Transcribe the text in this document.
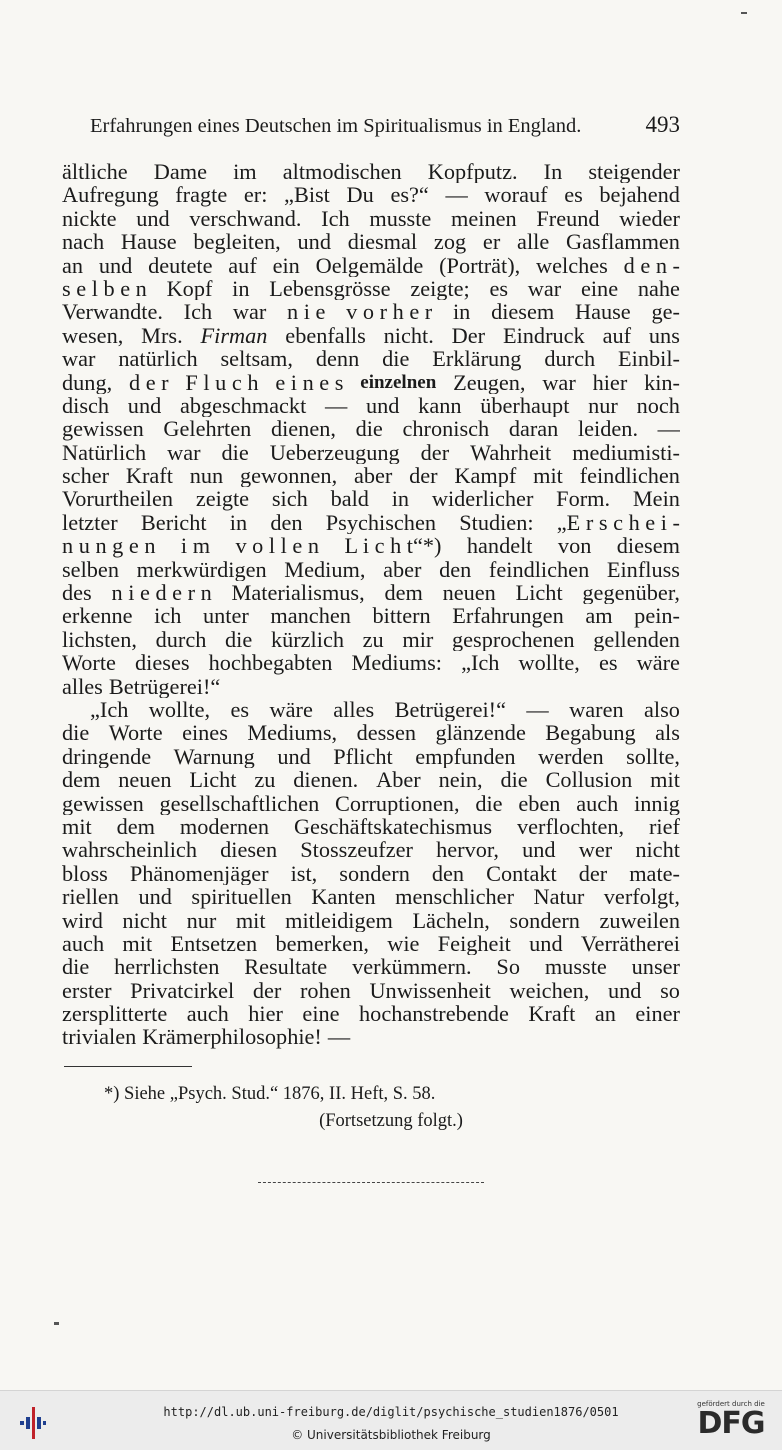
Erfahrungen eines Deutschen im Spiritualismus in England.	493
ältliche Dame im altmodischen Kopfputz. In steigender
Aufregung fragte er: „Bist Du es?“ — worauf es bejahend
nickte und verschwand. Ich musste meinen Freund wieder
nach Hause begleiten, und diesmal zog er alle Gasflammen
an und deutete auf ein Oelgemälde (Porträt), welches d e n -
s e l b e n Kopf in Lebensgrösse zeigte; es war eine nahe
Verwandte. Ich war n i e v o r h e r in diesem Hause ge-
wesen, Mrs. Firman ebenfalls nicht. Der Eindruck auf uns
war natürlich seltsam, denn die Erklärung durch Einbil-
dung, d e r F l u c h e i n e s einzelnen Zeugen, war hier kin-
disch und abgeschmackt — und kann überhaupt nur noch
gewissen Gelehrten dienen, die chronisch daran leiden. —
Natürlich war die Ueberzeugung der Wahrheit mediumisti-
scher Kraft nun gewonnen, aber der Kampf mit feindlichen
Vorurtheilen zeigte sich bald in widerlicher Form. Mein
letzter Bericht in den Psychischen Studien: „E r s c h e i -
n u n g e n i m v o l l e n L i c h t“*) handelt von diesem
selben merkwürdigen Medium, aber den feindlichen Einfluss
des n i e d e r n Materialismus, dem neuen Licht gegenüber,
erkenne ich unter manchen bittern Erfahrungen am pein-
lichsten, durch die kürzlich zu mir gesprochenen gellenden
Worte dieses hochbegabten Mediums: „Ich wollte, es wäre
alles Betrügerei!“
„Ich wollte, es wäre alles Betrügerei!“ — waren also
die Worte eines Mediums, dessen glänzende Begabung als
dringende Warnung und Pflicht empfunden werden sollte,
dem neuen Licht zu dienen. Aber nein, die Collusion mit
gewissen gesellschaftlichen Corruptionen, die eben auch innig
mit dem modernen Geschäftskatechismus verflochten, rief
wahrscheinlich diesen Stosszeufzer hervor, und wer nicht
bloss Phänomenjäger ist, sondern den Contakt der mate-
riellen und spirituellen Kanten menschlicher Natur verfolgt,
wird nicht nur mit mitleidigem Lächeln, sondern zuweilen
auch mit Entsetzen bemerken, wie Feigheit und Verrätherei
die herrlichsten Resultate verkümmern. So musste unser
erster Privatcirkel der rohen Unwissenheit weichen, und so
zersplitterte auch hier eine hochanstrebende Kraft an einer
trivialen Krämerphilosophie! —
*) Siehe „Psych. Stud.“ 1876, II. Heft, S. 58.
(Fortsetzung folgt.)
http://dl.ub.uni-freiburg.de/diglit/psychische_studien1876/0501
© Universitätsbibliothek Freiburg
gefördert durch die
DFG
